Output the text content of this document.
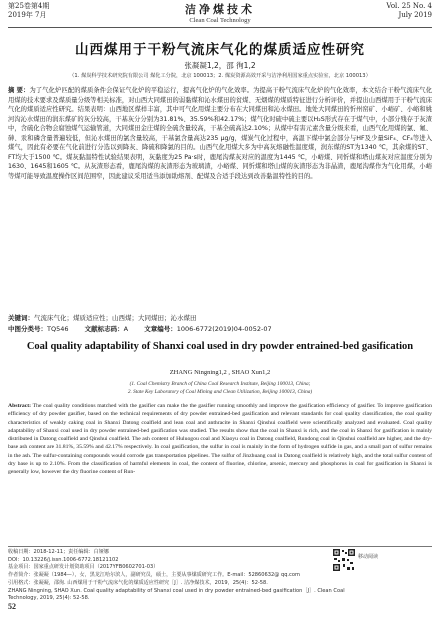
第25卷第4期
2019年 7月	洁净煤技术
Clean Coal Technology
Vol. 25 No. 4
July 2019
山西煤用于干粉气流床气化的煤质适应性研究
张凝凝1,2，邵 徇1,2
（1. 煤炭科学技术研究院有限公司 煤化工分院，北京 100013；2. 煤炭资源高效开采与洁净利用国家重点实验室，北京 100013）
摘 要：为了气化炉匹配的煤质条件会保证气化炉的平稳运行，提高气化炉的气化效率。为提高干粉气流床气化炉的气化效率，本文结合干粉气流床气化用煤的技术要求及煤质量分级等相关标准，对山西大同煤田的弱黏煤和沁水煤田的贫煤、无烟煤的煤质特征进行分析评价，并提出山西煤用于干粉气流床气化的煤质适应性研究。结果表明：山西地区煤样丰富，其中可气化用煤主要分布在大同煤田和沁水煤田。地处大同煤田的忻州窑矿、小峪矿、小峪和姚河沟沁水煤田的润东煤矿的灰分较高，干基灰分分别为31.81%、35.59%和42.17%；煤气化时硫中硫主要以H₂S形式存在于煤气中，小部分残存于灰渣中，含硫化合物会腐蚀煤气运输管道，大同煤田金庄煤的全硫含量较高，干基全硫高达2.10%；从煤中有害元素含量分级来看，山西气化用煤的氯、氟、砷、汞和磷含量普遍较低，但沁水煤田的氯含量较高，干基氯含量高达235 μg/g，煤炭气化过程中，高温下煤中氯会部分与HF及少量SiF₄、CF₄等进入煤气，因此有必要在气化前进行分选以到降灰、降硫和降氯的目的。山西气化用煤大多为中高灰熔融性温度煤，润东煤的ST为1340 ℃，其余煤的ST、FT均大于1500 ℃。煤灰黏温特性试验结果表明，灰黏度为25 Pa·s时，鹿尾沟煤灰对应的温度为1445 ℃，小峪煤、同忻煤和塔山煤灰对应温度分别为1630、1645和1605 ℃。从灰渣形态看，鹿尾沟煤的灰渣形态为玻璃渣，小峪煤、同忻煤和塔山煤的灰渣形态为非晶渣，鹿尾沟煤作为气化用煤，小峪等煤可能导致温度操作区间范围窄，因此建议采用适当添加助熔剂、配煤及合适手段达到改善黏温特性的目的。
关键词：气流床气化；煤质适应性；山西煤；大同煤田；沁水煤田
中图分类号：TQ546 文献标志码：A 文章编号：1006-6772(2019)04-0052-07
Coal quality adaptability of Shanxi coal used in dry powder entrained-bed gasification
ZHANG Ningning1,2 , SHAO Xun1,2
(1. Coal Chemistry Branch of China Coal Research Institute, Beijing 100013, China;
2. State Key Laboratory of Coal Mining and Clean Utilization, Beijing 100013, China)
Abstract: The coal quality conditions matched with the gasifier can make the the gasifier running smoothly and improve the gasification efficiency of gasifier. To improve gasification efficiency of dry powder gasifier, based on the technical requirements of dry powder entrained-bed gasification and relevant standards for coal quality classification, the coal quality characteristics of weakly caking coal in Shanxi Datong coalfield and lean coal and anthracite in Shanxi Qinshui coalfield were scientifically analyzed and evaluated. Coal quality adaptability of Shanxi coal used in dry powder entrained-bed gasification was studied. The results show that the coal in Shanxi is rich, and the coal in Shanxi for gasification is mainly distributed in Datong coalfield and Qinshui coalfield. The ash content of Huluogou coal and Xiaoyu coal in Datong coalfield, Rundong coal in Qinshui coalfield are higher, and the dry-base ash content are 31.81%, 35.59% and 42.17% respectively. In coal gasification, the sulfur in coal is mainly in the form of hydrogen sulfide in gas, and a small part of sulfur remains in the ash. The sulfur-containing compounds would corrode gas transportation pipelines. The sulfur of Jinzhuang coal in Datong coalfield is relatively high, and the total sulfur content of dry base is up to 2.10%. From the classification of harmful elements in coal, the content of fluorine, chlorine, arsenic, mercury and phosphorus in coal for gasification in Shanxi is generally low, however the dry fluorine content of Run-
收稿日期：2018-12-11；责任编辑：白娅娜
DOI：10.13226/j.issn.1006-6772.18121102
基金项目：国家重点研发计划资助项目（2017YFB0602701-03）
作者简介：张凝凝（1984—），女，黑龙江哈尔滨人，副研究员，硕士，主要从事煤质研究工作。E-mail：52860632@ qq.com
引用格式：张凝凝，邵徇. 山西煤用于干粉气流床气化的煤质适应性研究［J］. 洁净煤技术，2019，25(4)：52-58.
ZHANG Ningning, SHAO Xun. Coal quality adaptability of Shanxi coal used in dry powder entrained-bed gasification［J］. Clean Coal Technology, 2019, 25(4): 52-58.
移动阅读
52
